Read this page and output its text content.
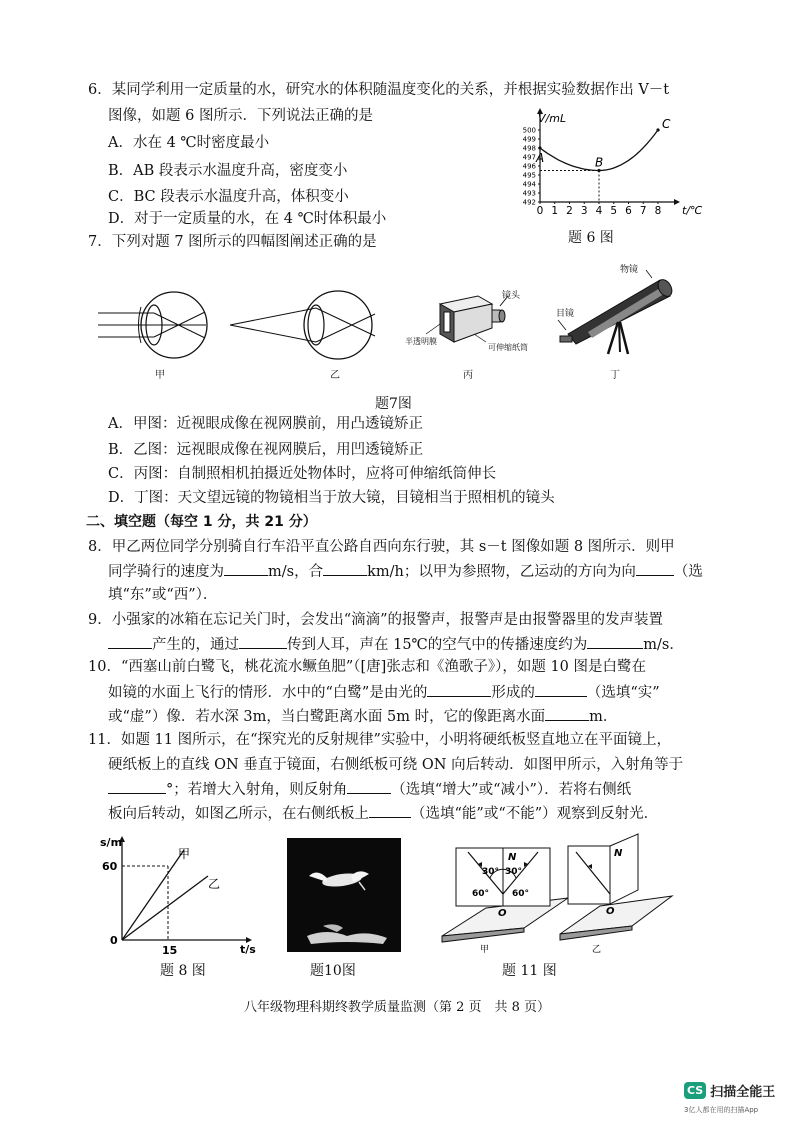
6．某同学利用一定质量的水，研究水的体积随温度变化的关系，并根据实验数据作出 V－t
图像，如题 6 图所示．下列说法正确的是
A．水在 4 ℃时密度最小
B．AB 段表示水温度升高，密度变小
C．BC 段表示水温度升高，体积变小
D．对于一定质量的水，在 4 ℃时体积最小
500
499
498
497
496
495
494
493
492
0 1 2 3 4 5 6 7 8 t/℃
V/mL
A	B
C
题 6 图
7．下列对题 7 图所示的四幅图阐述正确的是
甲	乙
镜头
半透明膜
可伸缩纸筒
丙
物镜
目镜
丁
题7图
A．甲图：近视眼成像在视网膜前，用凸透镜矫正
B．乙图：远视眼成像在视网膜后，用凹透镜矫正
C．丙图：自制照相机拍摄近处物体时，应将可伸缩纸筒伸长
D．丁图：天文望远镜的物镜相当于放大镜，目镜相当于照相机的镜头
二、填空题（每空 1 分，共 21 分）
8．甲乙两位同学分别骑自行车沿平直公路自西向东行驶，其 s－t 图像如题 8 图所示．则甲
同学骑行的速度为	m/s，合	km/h；以甲为参照物，乙运动的方向为向	（选
填“东”或“西”）．
9．小强家的冰箱在忘记关门时，会发出“滴滴”的报警声，报警声是由报警器里的发声装置
产生的，通过	传到人耳，声在 15℃的空气中的传播速度约为	m/s．
10．“西塞山前白鹭飞，桃花流水鳜鱼肥”（[唐]张志和《渔歌子》），如题 10 图是白鹭在
如镜的水面上飞行的情形．水中的“白鹭”是由光的	形成的	（选填“实”
或“虚”）像．若水深 3m，当白鹭距离水面 5m 时，它的像距离水面	m．
11．如题 11 图所示，在“探究光的反射规律”实验中，小明将硬纸板竖直地立在平面镜上，
硬纸板上的直线 ON 垂直于镜面，右侧纸板可绕 ON 向后转动．如图甲所示，入射角等于
°；若增大入射角，则反射角	（选填“增大”或“减小”）．若将右侧纸
板向后转动，如图乙所示，在右侧纸板上	（选填“能”或“不能”）观察到反射光．
s/m
t/s
60
15
0
甲
乙
题 8 图	题10图
N
30° 30°
60°	60°
O
甲
N
O
乙
题 11 图
八年级物理科期终教学质量监测（第 2 页　共 8 页）
CS 扫描全能王
3亿人都在用的扫描App
